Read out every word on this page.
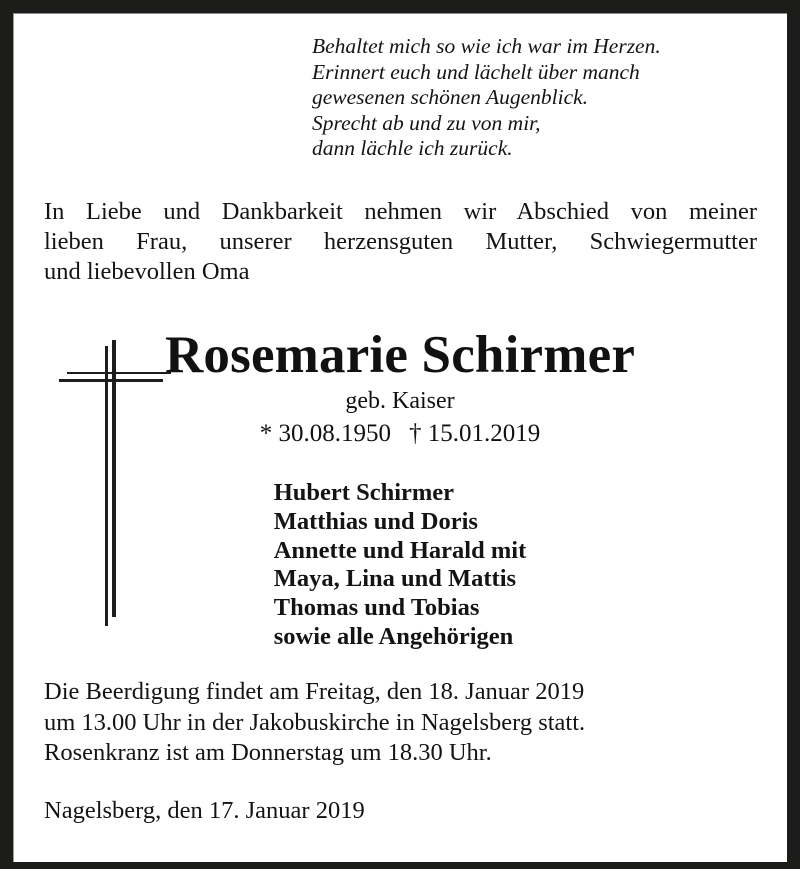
Behaltet mich so wie ich war im Herzen.
Erinnert euch und lächelt über manch
gewesenen schönen Augenblick.
Sprecht ab und zu von mir,
dann lächle ich zurück.
In Liebe und Dankbarkeit nehmen wir Abschied von meiner
lieben Frau, unserer herzensguten Mutter, Schwiegermutter
und liebevollen Oma
Rosemarie Schirmer
geb. Kaiser
* 30.08.1950 † 15.01.2019
Hubert Schirmer
Matthias und Doris
Annette und Harald mit
Maya, Lina und Mattis
Thomas und Tobias
sowie alle Angehörigen
Die Beerdigung findet am Freitag, den 18. Januar 2019
um 13.00 Uhr in der Jakobuskirche in Nagelsberg statt.
Rosenkranz ist am Donnerstag um 18.30 Uhr.
Nagelsberg, den 17. Januar 2019
